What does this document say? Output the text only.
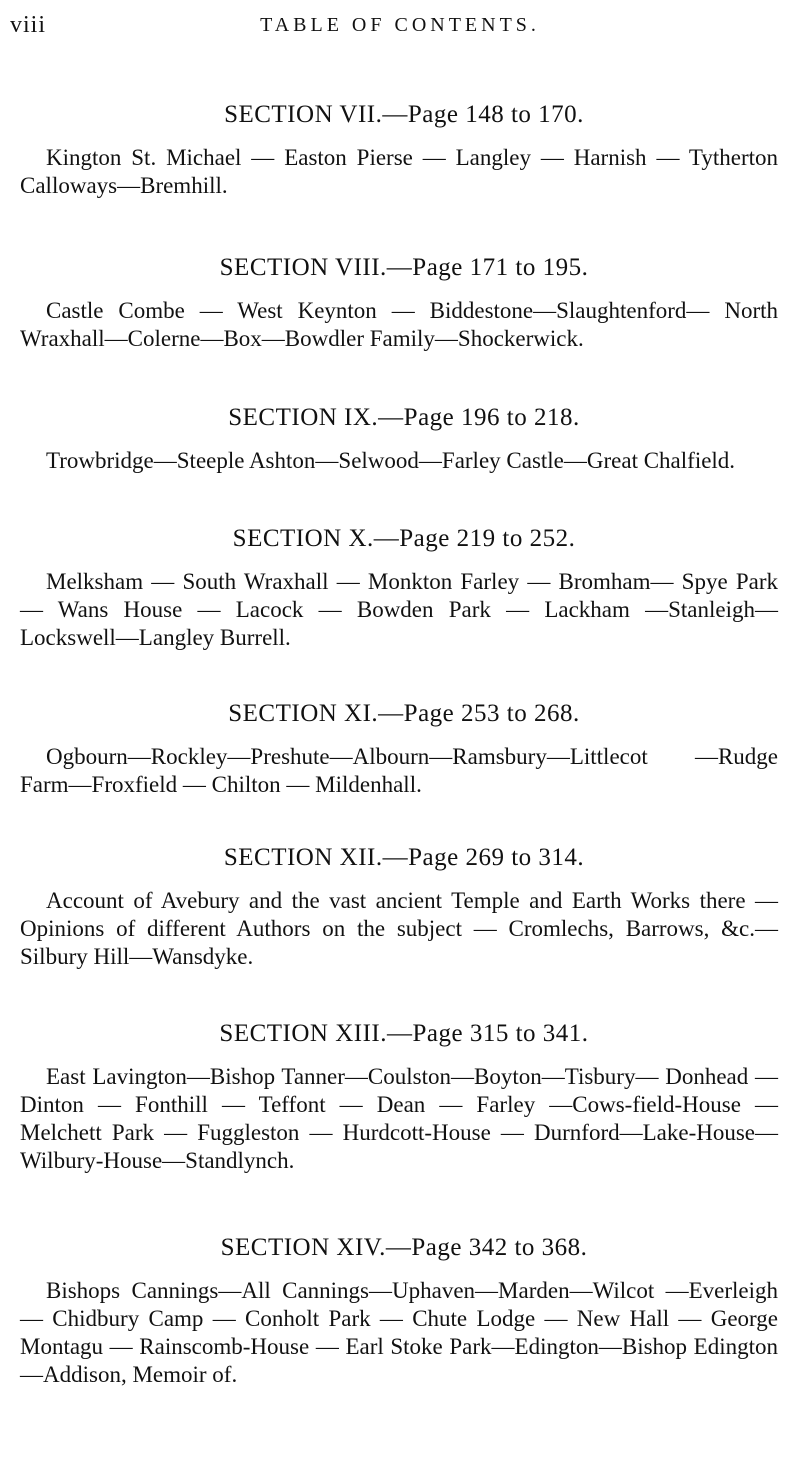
viii	TABLE OF CONTENTS.
SECTION VII.—Page 148 to 170.
Kington St. Michael — Easton Pierse — Langley — Harnish — Tytherton Calloways—Bremhill.
SECTION VIII.—Page 171 to 195.
Castle Combe — West Keynton — Biddestone—Slaughtenford— North Wraxhall—Colerne—Box—Bowdler Family—Shockerwick.
SECTION IX.—Page 196 to 218.
Trowbridge—Steeple Ashton—Selwood—Farley Castle—Great Chalfield.
SECTION X.—Page 219 to 252.
Melksham — South Wraxhall — Monkton Farley — Bromham— Spye Park — Wans House — Lacock — Bowden Park — Lackham —Stanleigh—Lockswell—Langley Burrell.
SECTION XI.—Page 253 to 268.
Ogbourn—Rockley—Preshute—Albourn—Ramsbury—Littlecot —Rudge Farm—Froxfield — Chilton — Mildenhall.
SECTION XII.—Page 269 to 314.
Account of Avebury and the vast ancient Temple and Earth Works there — Opinions of different Authors on the subject — Cromlechs, Barrows, &c.—Silbury Hill—Wansdyke.
SECTION XIII.—Page 315 to 341.
East Lavington—Bishop Tanner—Coulston—Boyton—Tisbury— Donhead — Dinton — Fonthill — Teffont — Dean — Farley —Cows-field-House — Melchett Park — Fuggleston — Hurdcott-House — Durnford—Lake-House—Wilbury-House—Standlynch.
SECTION XIV.—Page 342 to 368.
Bishops Cannings—All Cannings—Uphaven—Marden—Wilcot —Everleigh — Chidbury Camp — Conholt Park — Chute Lodge — New Hall — George Montagu — Rainscomb-House — Earl Stoke Park—Edington—Bishop Edington—Addison, Memoir of.
